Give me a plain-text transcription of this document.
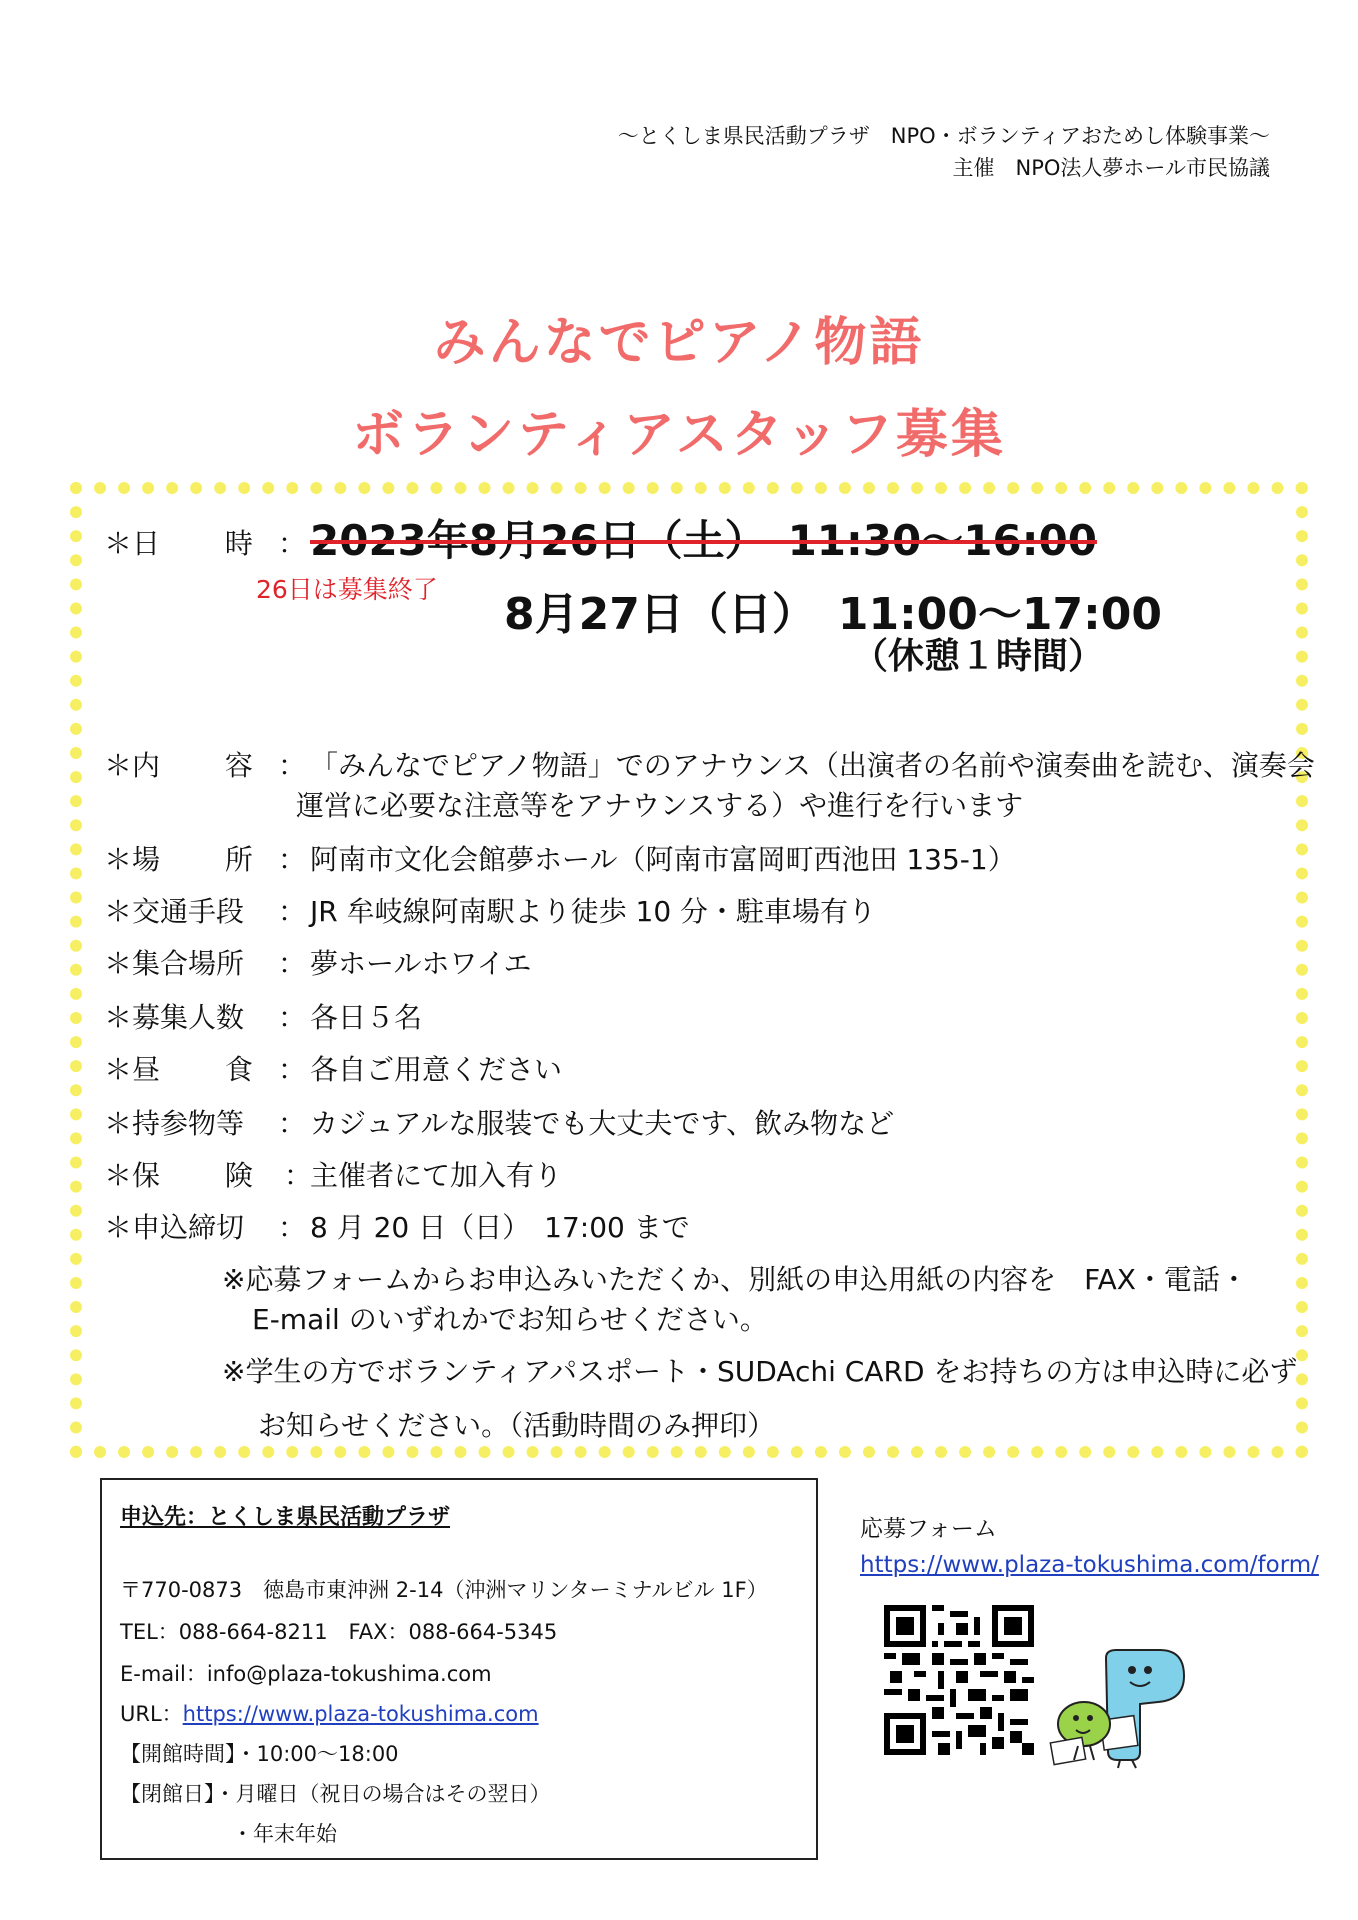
～とくしま県民活動プラザ　NPO・ボランティアおためし体験事業～
主催　NPO法人夢ホール市民協議
みんなでピアノ物語
ボランティアスタッフ募集
＊日　　 時 ： 2023年8月26日（土）　11:30～16:00
26日は募集終了 8月27日（日）　11:00～17:00
（休憩１時間）
＊内　　 容 ： 「みんなでピアノ物語」でのアナウンス（出演者の名前や演奏曲を読む、演奏会
運営に必要な注意等をアナウンスする）や進行を行います
＊場　　 所 ： 阿南市文化会館夢ホール（阿南市富岡町西池田 135-1）
＊交通手段 ： JR 牟岐線阿南駅より徒歩 10 分・駐車場有り
＊集合場所 ： 夢ホールホワイエ
＊募集人数 ： 各日５名
＊昼　　 食 ： 各自ご用意ください
＊持参物等 ： カジュアルな服装でも大丈夫です、飲み物など
＊保　　 険 ：
主催者にて加入有り
＊申込締切 ： 8 月 20 日（日）　17:00 まで
※応募フォームからお申込みいただくか、別紙の申込用紙の内容を　FAX・電話・
E-mail のいずれかでお知らせください。
※学生の方でボランティアパスポート・SUDAchi CARD をお持ちの方は申込時に必ず
お知らせください。（活動時間のみ押印）
申込先：とくしま県民活動プラザ
〒770-0873　徳島市東沖洲 2-14（沖洲マリンターミナルビル 1F）
TEL：088-664-8211　FAX：088-664-5345
E-mail：info@plaza-tokushima.com
URL：https://www.plaza-tokushima.com
【開館時間】・10:00～18:00
【閉館日】・月曜日（祝日の場合はその翌日）
・年末年始
応募フォーム
https://www.plaza-tokushima.com/form/
